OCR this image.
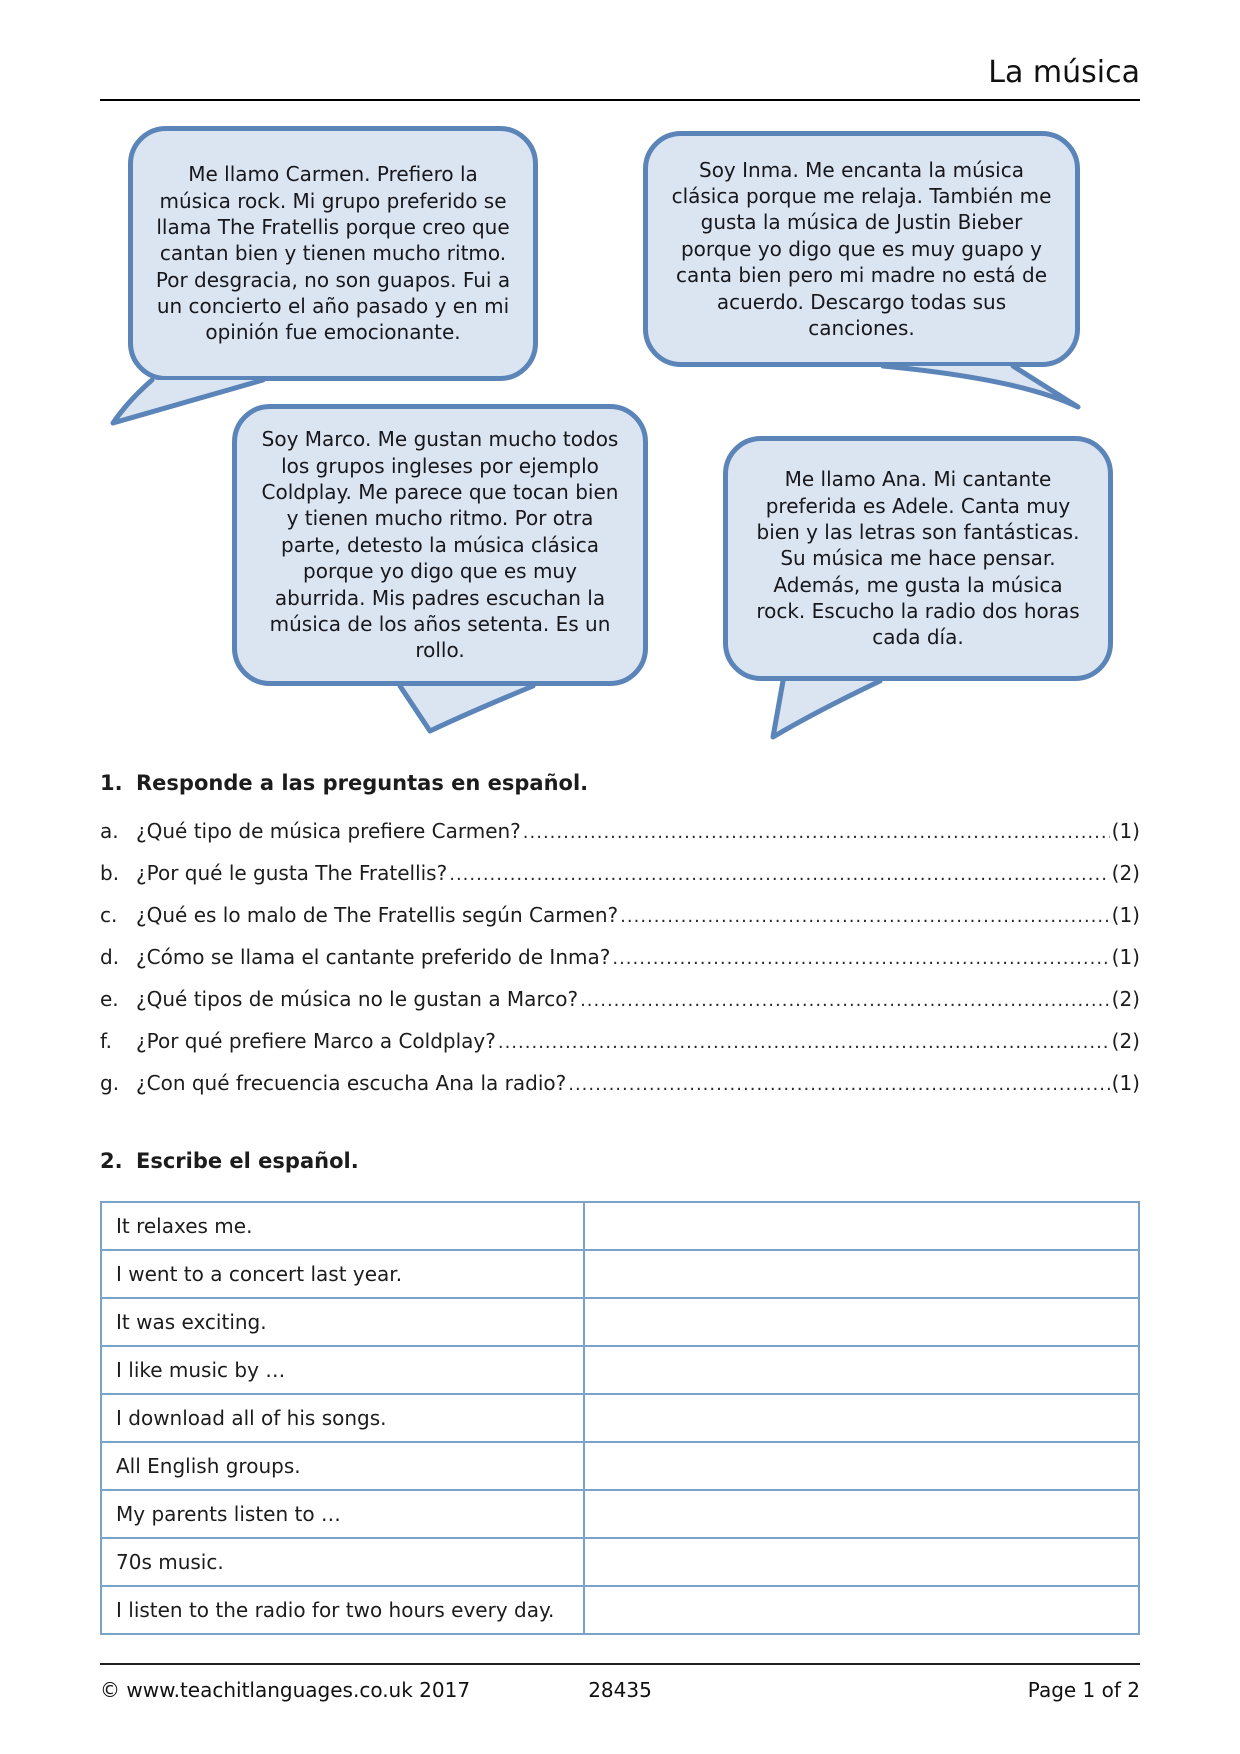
La música
Me llamo Carmen. Prefiero la música rock. Mi grupo preferido se llama The Fratellis porque creo que cantan bien y tienen mucho ritmo. Por desgracia, no son guapos. Fui a un concierto el año pasado y en mi opinión fue emocionante.
Soy Inma. Me encanta la música clásica porque me relaja. También me gusta la música de Justin Bieber porque yo digo que es muy guapo y canta bien pero mi madre no está de acuerdo. Descargo todas sus canciones.
Soy Marco. Me gustan mucho todos los grupos ingleses por ejemplo Coldplay. Me parece que tocan bien y tienen mucho ritmo. Por otra parte, detesto la música clásica porque yo digo que es muy aburrida. Mis padres escuchan la música de los años setenta. Es un rollo.
Me llamo Ana. Mi cantante preferida es Adele. Canta muy bien y las letras son fantásticas. Su música me hace pensar. Además, me gusta la música rock. Escucho la radio dos horas cada día.
1. Responde a las preguntas en español.
a. ¿Qué tipo de música prefiere Carmen? .....	(1)
b. ¿Por qué le gusta The Fratellis? .....	(2)
c. ¿Qué es lo malo de The Fratellis según Carmen? .....	(1)
d. ¿Cómo se llama el cantante preferido de Inma? .....	(1)
e. ¿Qué tipos de música no le gustan a Marco? .....	(2)
f.	¿Por qué prefiere Marco a Coldplay? .....	(2)
g. ¿Con qué frecuencia escucha Ana la radio? .....	(1)
2. Escribe el español.
It relaxes me.	
I went to a concert last year.	
It was exciting.	
I like music by …	
I download all of his songs.	
All English groups.	
My parents listen to …	
70s music.	
I listen to the radio for two hours every day.	
© www.teachitlanguages.co.uk 2017	28435	Page 1 of 2
